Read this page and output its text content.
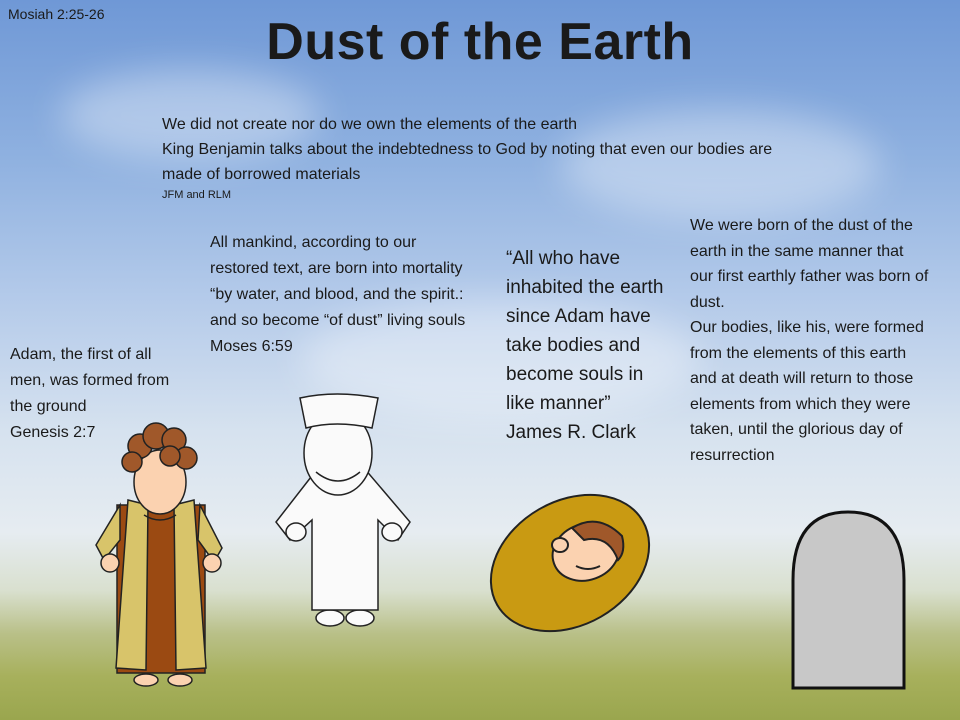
Mosiah 2:25-26	Dust of the Earth
We did not create nor do we own the elements of the earth
King Benjamin talks about the indebtedness to God by noting that even our bodies are made of borrowed materials
JFM and RLM
Adam, the first of all men, was formed from the ground
Genesis 2:7
All mankind, according to our restored text, are born into mortality “by water, and blood, and the spirit.: and so become “of dust” living souls
Moses 6:59
“All who have inhabited the earth since Adam have take bodies and become souls in like manner”
James R. Clark
We were born of the dust of the earth in the same manner that our first earthly father was born of dust.
Our bodies, like his, were formed from the elements of this earth and at death will return to those elements from which they were taken, until the glorious day of resurrection
